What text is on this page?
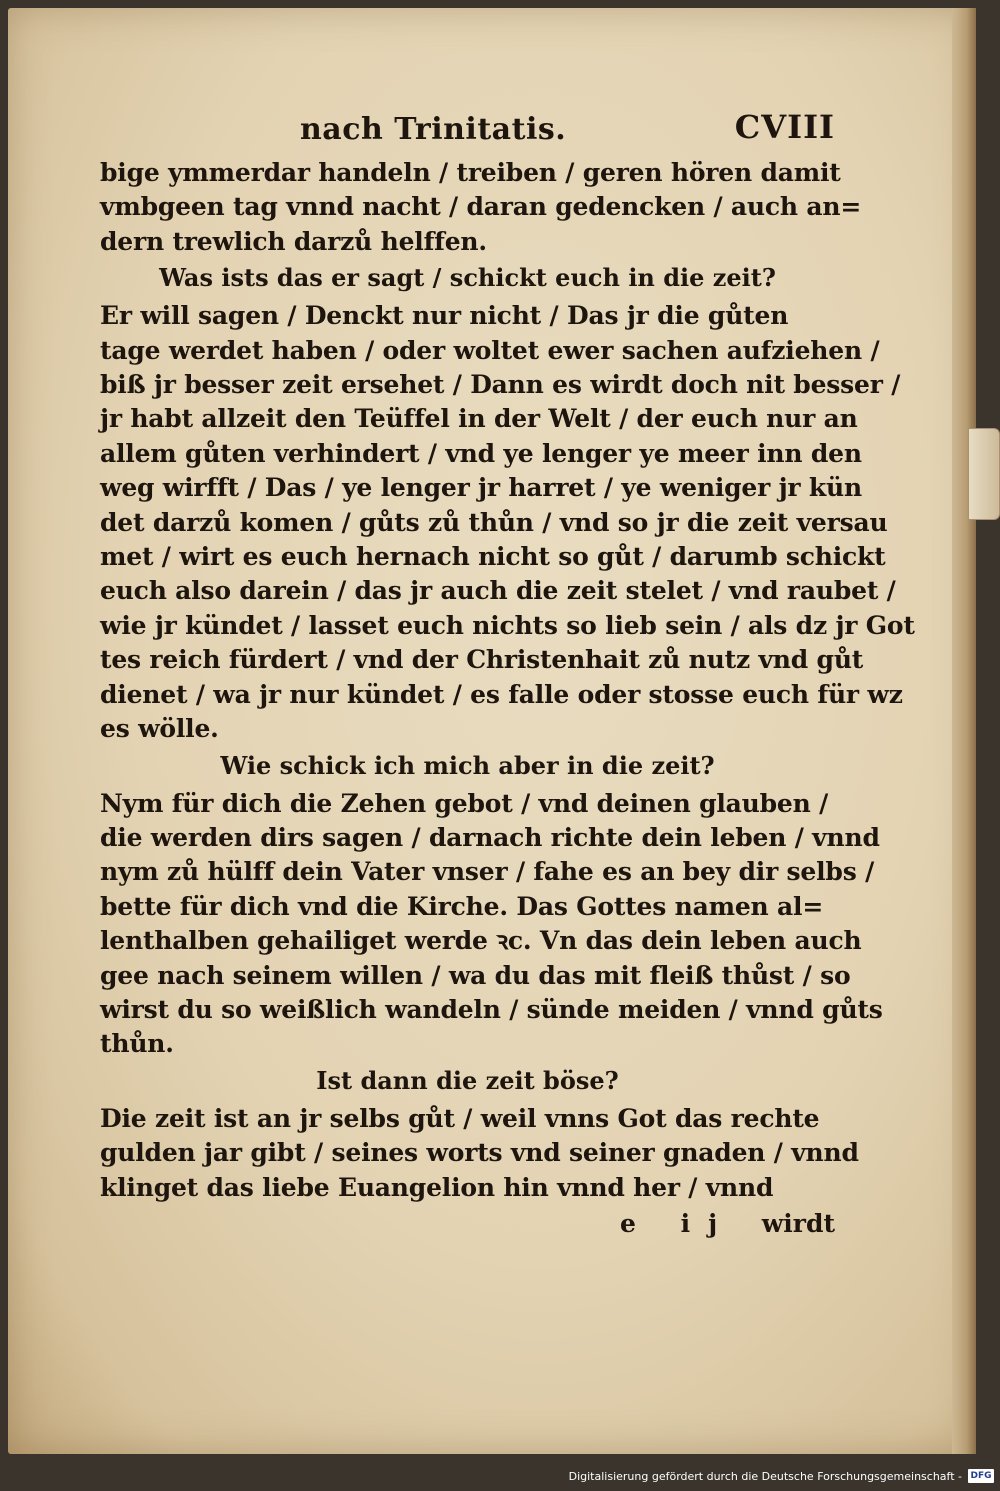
nach Trinitatis.	CVIII
bige ymmerdar handeln / treiben / geren hören damit
vmbgeen tag vnnd nacht / daran gedencken / auch an=
dern trewlich darzů helffen.
Was ists das er sagt / schickt euch in die zeit?
Er will sagen / Denckt nur nicht / Das jr die gůten
tage werdet haben / oder woltet ewer sachen aufziehen /
biß jr besser zeit ersehet / Dann es wirdt doch nit besser /
jr habt allzeit den Teüffel in der Welt / der euch nur an
allem gůten verhindert / vnd ye lenger ye meer inn den
weg wirfft / Das / ye lenger jr harret / ye weniger jr kün
det darzů komen / gůts zů thůn / vnd so jr die zeit versau
met / wirt es euch hernach nicht so gůt / darumb schickt
euch also darein / das jr auch die zeit stelet / vnd raubet /
wie jr kündet / lasset euch nichts so lieb sein / als dz jr Got
tes reich fürdert / vnd der Christenhait zů nutz vnd gůt
dienet / wa jr nur kündet / es falle oder stosse euch für wz
es wölle.
Wie schick ich mich aber in die zeit?
Nym für dich die Zehen gebot / vnd deinen glauben /
die werden dirs sagen / darnach richte dein leben / vnnd
nym zů hülff dein Vater vnser / fahe es an bey dir selbs /
bette für dich vnd die Kirche. Das Gottes namen al=
lenthalben gehailiget werde ꝛc. Vn das dein leben auch
gee nach seinem willen / wa du das mit fleiß thůst / so
wirst du so weißlich wandeln / sünde meiden / vnnd gůts
thůn.
Ist dann die zeit böse?
Die zeit ist an jr selbs gůt / weil vnns Got das rechte
gulden jar gibt / seines worts vnd seiner gnaden / vnnd
klinget das liebe Euangelion hin vnnd her / vnnd
e ij wirdt
Digitalisierung gefördert durch die Deutsche Forschungsgemeinschaft - DFG
